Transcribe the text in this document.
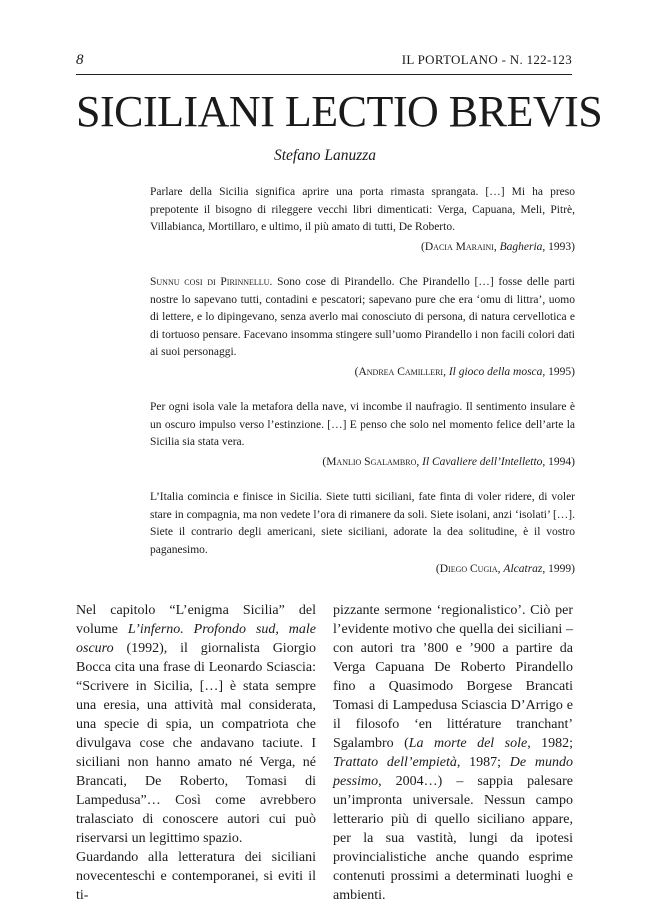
8	IL PORTOLANO - N. 122-123
SICILIANI LECTIO BREVIS
Stefano Lanuzza

Parlare della Sicilia significa aprire una porta rimasta sprangata. […] Mi ha preso prepotente il bisogno di rileggere vecchi libri dimenticati: Verga, Capuana, Meli, Pitrè, Villabianca, Mortillaro, e ultimo, il più amato di tutti, De Roberto.

(Dacia Maraini, Bagheria, 1993)

Sunnu cosi di Pirinnellu. Sono cose di Pirandello. Che Pirandello […] fosse delle parti nostre lo sapevano tutti, contadini e pescatori; sapevano pure che era ‘omu di littra’, uomo di lettere, e lo dipingevano, senza averlo mai conosciuto di persona, di natura cervellotica e di tortuoso pensare. Facevano insomma stingere sull’uomo Pirandello i non facili colori dati ai suoi personaggi.

(Andrea Camilleri, Il gioco della mosca, 1995)

Per ogni isola vale la metafora della nave, vi incombe il naufragio. Il sentimento insulare è un oscuro impulso verso l’estinzione. […] E penso che solo nel momento felice dell’arte la Sicilia sia stata vera.

(Manlio Sgalambro, Il Cavaliere dell’Intelletto, 1994)

L’Italia comincia e finisce in Sicilia. Siete tutti siciliani, fate finta di voler ridere, di voler stare in compagnia, ma non vedete l’ora di rimanere da soli. Siete isolani, anzi ‘isolati’ […]. Siete il contrario degli americani, siete siciliani, adorate la dea solitudine, è il vostro paganesimo.

(Diego Cugia, Alcatraz, 1999)

Nel capitolo “L’enigma Sicilia” del volume L’inferno. Profondo sud, male oscuro (1992), il giornalista Giorgio Bocca cita una frase di Leonardo Sciascia: “Scrivere in Sicilia, […] è stata sempre una eresia, una attività mal considerata, una specie di spia, un compatriota che divulgava cose che andavano taciute. I siciliani non hanno amato né Verga, né Brancati, De Roberto, Tomasi di Lampedusa”… Così come avrebbero tralasciato di conoscere autori cui può riservarsi un legittimo spazio.

Guardando alla letteratura dei siciliani novecenteschi e contemporanei, si eviti il ti-

pizzante sermone ‘regionalistico’. Ciò per l’evidente motivo che quella dei siciliani – con autori tra ’800 e ’900 a partire da Verga Capuana De Roberto Pirandello fino a Quasimodo Borgese Brancati Tomasi di Lampedusa Sciascia D’Arrigo e il filosofo ‘en littérature tranchant’ Sgalambro (La morte del sole, 1982; Trattato dell’empietà, 1987; De mundo pessimo, 2004…) – sappia palesare un’impronta universale. Nessun campo letterario più di quello siciliano appare, per la sua vastità, lungi da ipotesi provincialistiche anche quando esprime contenuti prossimi a determinati luoghi e ambienti.
